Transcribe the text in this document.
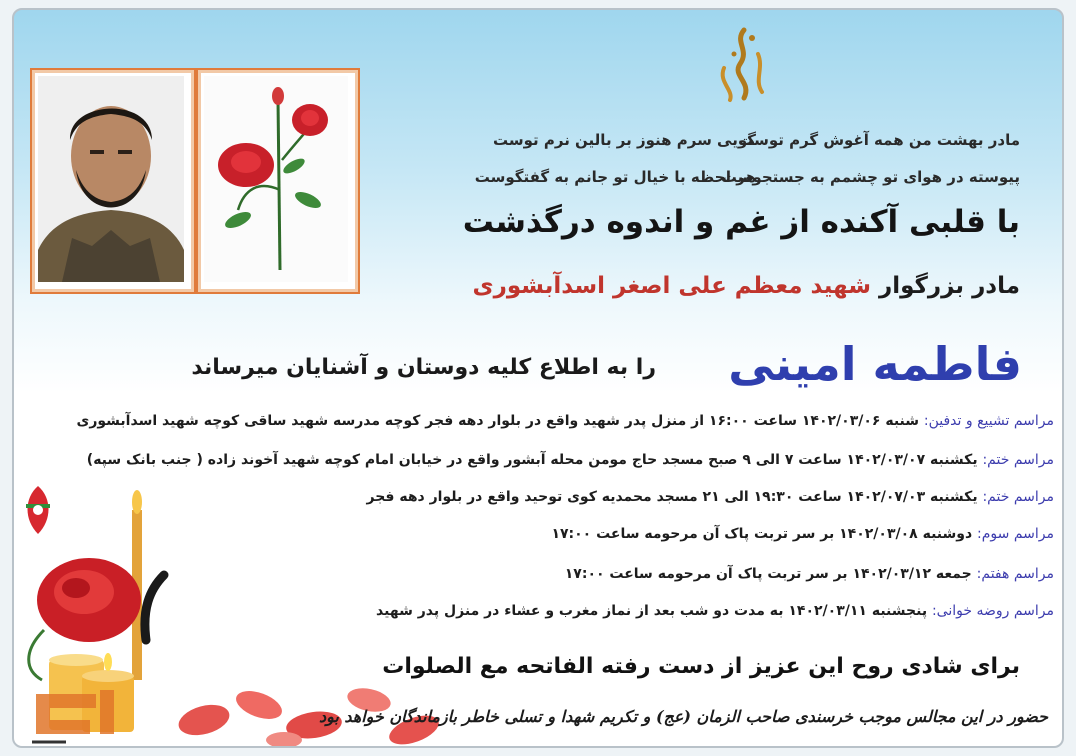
مادر بهشت من همه آغوش گرم توست
گویی سرم هنوز بر بالین نرم توست
پیوسته در هوای تو چشمم به جستجوست
هر لحظه با خیال تو جانم به گفتگوست
با قلبی آکنده از غم و اندوه درگذشت
مادر بزرگوار شهید معظم علی اصغر اسدآبشوری
فاطمه امینی
را به اطلاع کلیه دوستان و آشنایان میرساند
مراسم تشییع و تدفین: شنبه ۱۴۰۲/۰۳/۰۶ ساعت ۱۶:۰۰ از منزل پدر شهید واقع در بلوار دهه فجر کوچه مدرسه شهید ساقی کوچه شهید اسدآبشوری
مراسم ختم: یکشنبه ۱۴۰۲/۰۳/۰۷ ساعت ۷ الی ۹ صبح مسجد حاج مومن محله آبشور واقع در خیابان امام کوچه شهید آخوند زاده ( جنب بانک سپه)
مراسم ختم: یکشنبه ۱۴۰۲/۰۷/۰۳ ساعت ۱۹:۳۰ الی ۲۱ مسجد محمدیه کوی توحید واقع در بلوار دهه فجر
مراسم سوم: دوشنبه ۱۴۰۲/۰۳/۰۸ بر سر تربت پاک آن مرحومه ساعت ۱۷:۰۰
مراسم هفتم: جمعه ۱۴۰۲/۰۳/۱۲ بر سر تربت پاک آن مرحومه ساعت ۱۷:۰۰
مراسم روضه خوانی: پنجشنبه ۱۴۰۲/۰۳/۱۱ به مدت دو شب بعد از نماز مغرب و عشاء در منزل پدر شهید
برای شادی روح این عزیز از دست رفته الفاتحه مع الصلوات
حضور در این مجالس موجب خرسندی صاحب الزمان (عج) و تکریم شهدا و تسلی خاطر بازماندگان خواهد بود
